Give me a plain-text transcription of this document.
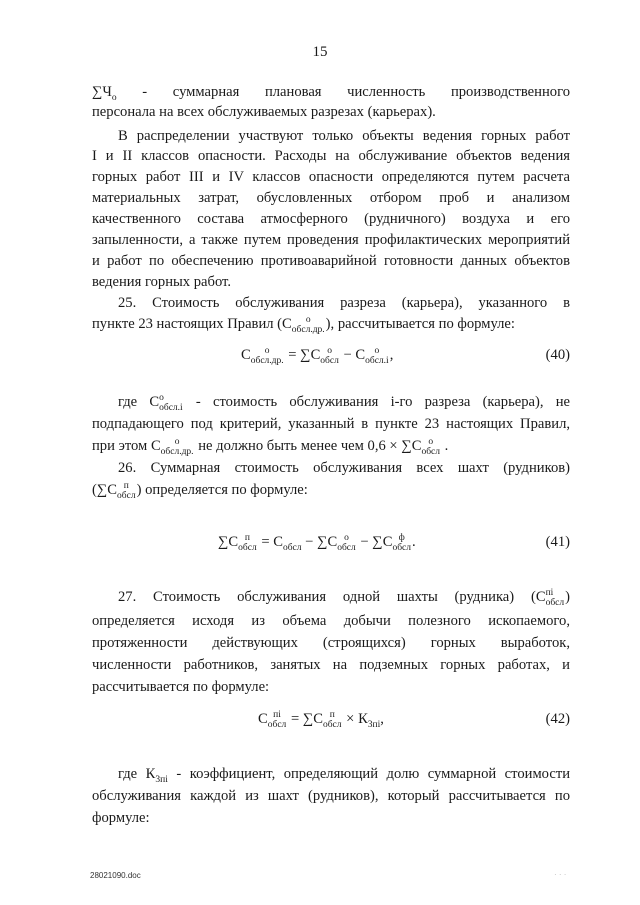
15
$\sum Ч_о$ - суммарная плановая численность производственного
персонала на всех обслуживаемых разрезах (карьерах).
В распределении участвуют только объекты ведения горных работ
I и II классов опасности. Расходы на обслуживание объектов ведения
горных работ III и IV классов опасности определяются путем расчета
материальных затрат, обусловленных отбором проб и анализом
качественного состава атмосферного (рудничного) воздуха и его
запыленности, а также путем проведения профилактических мероприятий
и работ по обеспечению противоаварийной готовности данных объектов
ведения горных работ.
25. Стоимость обслуживания разреза (карьера), указанного в
пункте 23 настоящих Правил (С	о
обсл.др. ), рассчитывается по формуле:
С	о
обсл.др. = ∑С о
обсл − С о
обсл.i ,	(40)
где С о
обсл.i - стоимость обслуживания i-го разреза (карьера), не
подпадающего под критерий, указанный в пункте 23 настоящих Правил,
при этом С	о
обсл.др. не должно быть менее чем 0,6 × ∑С о
обсл .
26. Суммарная стоимость обслуживания всех шахт (рудников)
(∑С п
обсл ) определяется по формуле:
∑С п
обсл = $С_{обсл} - \sum С$ о
обсл − ∑С ф
обсл .	(41)
27. Стоимость обслуживания одной шахты (рудника) (С пi
обсл )
определяется исходя из объема добычи полезного ископаемого,
протяженности действующих (строящихся) горных выработок,
численности работников, занятых на подземных горных работах, и
рассчитывается по формуле:
С пi
обсл = ∑С п
обсл × $К_{3пi}$,	(42)
где $К_{3пi}$ - коэффициент, определяющий долю суммарной стоимости
обслуживания каждой из шахт (рудников), который рассчитывается по
формуле:
28021090.doc	· · ·
